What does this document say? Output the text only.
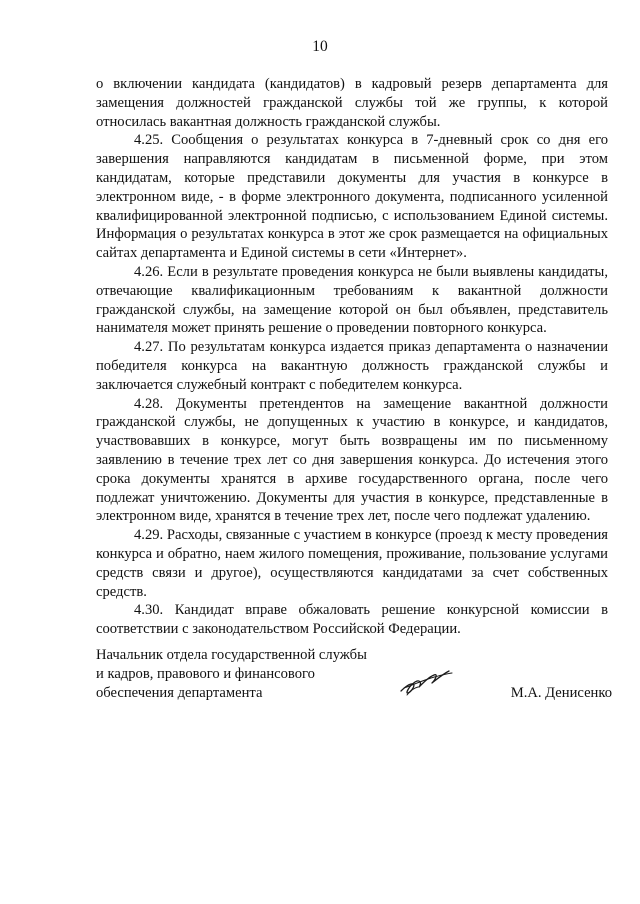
10

о включении кандидата (кандидатов) в кадровый резерв департамента для замещения должностей гражданской службы той же группы, к которой относилась вакантная должность гражданской службы.

4.25. Сообщения о результатах конкурса в 7-дневный срок со дня его завершения направляются кандидатам в письменной форме, при этом кандидатам, которые представили документы для участия в конкурсе в электронном виде, - в форме электронного документа, подписанного усиленной квалифицированной электронной подписью, с использованием Единой системы. Информация о результатах конкурса в этот же срок размещается на официальных сайтах департамента и Единой системы в сети «Интернет».

4.26. Если в результате проведения конкурса не были выявлены кандидаты, отвечающие квалификационным требованиям к вакантной должности гражданской службы, на замещение которой он был объявлен, представитель нанимателя может принять решение о проведении повторного конкурса.

4.27. По результатам конкурса издается приказ департамента о назначении победителя конкурса на вакантную должность гражданской службы и заключается служебный контракт с победителем конкурса.

4.28. Документы претендентов на замещение вакантной должности гражданской службы, не допущенных к участию в конкурсе, и кандидатов, участвовавших в конкурсе, могут быть возвращены им по письменному заявлению в течение трех лет со дня завершения конкурса. До истечения этого срока документы хранятся в архиве государственного органа, после чего подлежат уничтожению. Документы для участия в конкурсе, представленные в электронном виде, хранятся в течение трех лет, после чего подлежат удалению.

4.29. Расходы, связанные с участием в конкурсе (проезд к месту проведения конкурса и обратно, наем жилого помещения, проживание, пользование услугами средств связи и другое), осуществляются кандидатами за счет собственных средств.

4.30. Кандидат вправе обжаловать решение конкурсной комиссии в соответствии с законодательством Российской Федерации.

Начальник отдела государственной службы
и кадров, правового и финансового
обеспечения департамента	М.А. Денисенко
